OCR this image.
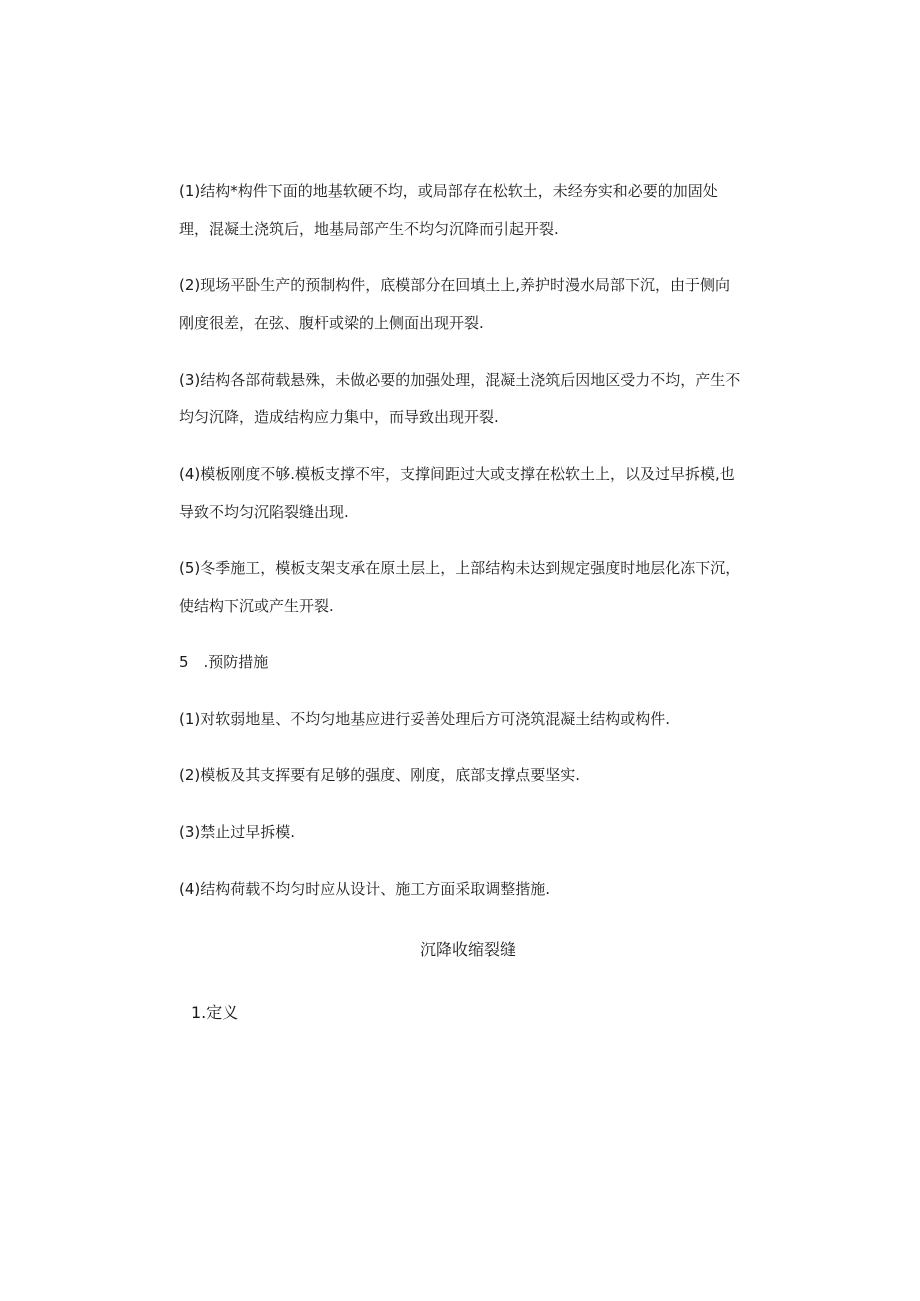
(1)结构*构件下面的地基软硬不均，或局部存在松软土，未经夯实和必要的加固处
理，混凝土浇筑后，地基局部产生不均匀沉降而引起开裂.
(2)现场平卧生产的预制构件，底模部分在回填土上,养护时漫水局部下沉，由于侧向
刚度很差，在弦、腹杆或梁的上侧面出现开裂.
(3)结构各部荷载悬殊，未做必要的加强处理，混凝土浇筑后因地区受力不均，产生不
均匀沉降，造成结构应力集中，而导致出现开裂.
(4)模板刚度不够.模板支撑不牢，支撑间距过大或支撑在松软土上，以及过早拆模,也
导致不均匀沉陷裂缝出现.
(5)冬季施工，模板支架支承在原土层上，上部结构未达到规定强度时地层化冻下沉，
使结构下沉或产生开裂.
5　.预防措施
(1)对软弱地星、不均匀地基应进行妥善处理后方可浇筑混凝土结构或构件.
(2)模板及其支挥要有足够的强度、刚度，底部支撑点要坚实.
(3)禁止过早拆模.
(4)结构荷载不均匀时应从设计、施工方面采取调整揩施.
沉降收缩裂缝
1.定义
